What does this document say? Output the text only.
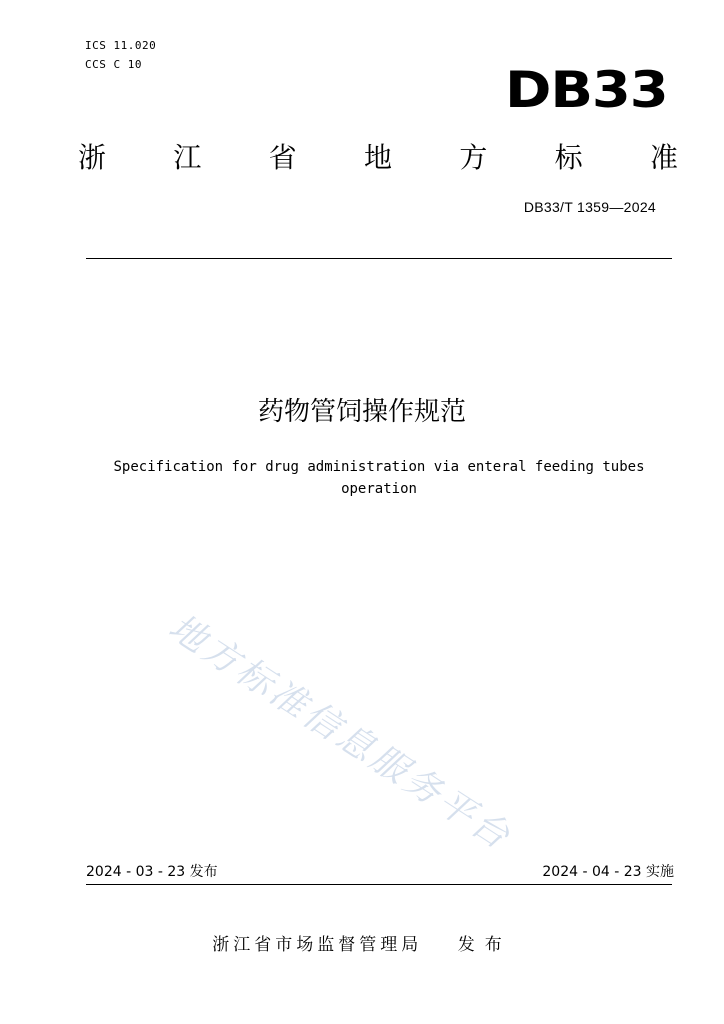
ICS 11.020
CCS C 10	DB33
浙 江 省 地 方 标 准
DB33/T 1359—2024
药物管饲操作规范
Specification for drug administration via enteral feeding tubes
operation
地方标准信息服务平台
2024 - 03 - 23 发布	2024 - 04 - 23 实施
浙江省市场监督管理局 发布
